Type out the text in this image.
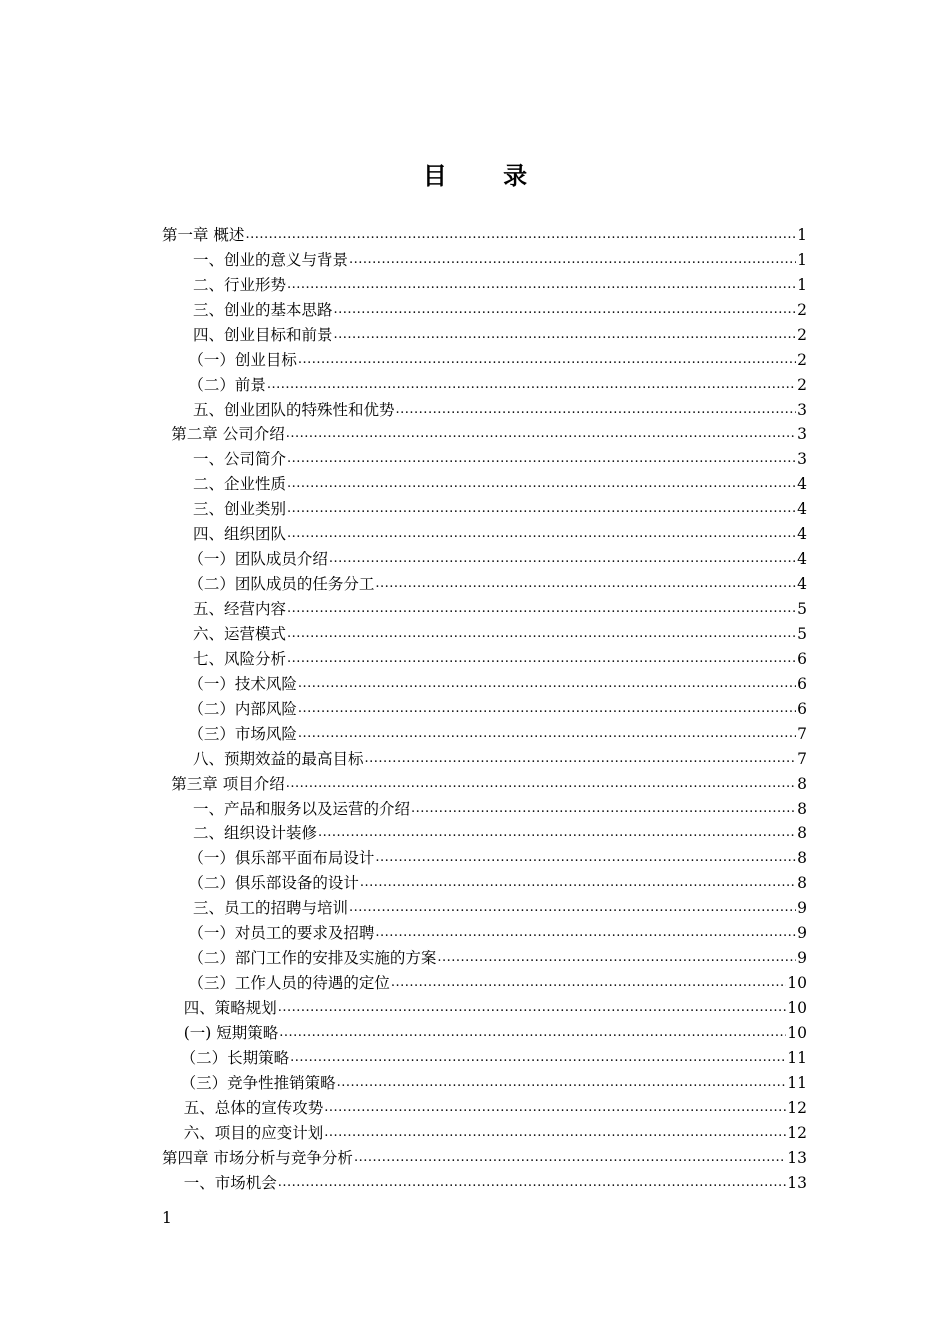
目 录
第一章 概述 .....	1
一、创业的意义与背景 .....	1
二、行业形势 .....	1
三、创业的基本思路 .....	2
四、创业目标和前景 .....	2
（一）创业目标 .....	2
（二）前景 .....	2
五、创业团队的特殊性和优势 .....	3
第二章 公司介绍 .....	3
一、公司简介 .....	3
二、企业性质 .....	4
三、创业类别 .....	4
四、组织团队 .....	4
（一）团队成员介绍 .....	4
（二）团队成员的任务分工 .....	4
五、经营内容 .....	5
六、运营模式 .....	5
七、风险分析 .....	6
（一）技术风险 .....	6
（二）内部风险 .....	6
（三）市场风险 .....	7
八、预期效益的最高目标 .....	7
第三章 项目介绍 .....	8
一、产品和服务以及运营的介绍 .....	8
二、组织设计装修 .....	8
（一）俱乐部平面布局设计 .....	8
（二）俱乐部设备的设计 .....	8
三、员工的招聘与培训 .....	9
（一）对员工的要求及招聘 .....	9
（二）部门工作的安排及实施的方案 .....	9
（三）工作人员的待遇的定位 .....	10
四、策略规划 .....	10
(一) 短期策略 .....	10
（二）长期策略 .....	11
（三）竞争性推销策略 .....	11
五、总体的宣传攻势 .....	12
六、项目的应变计划 .....	12
第四章 市场分析与竞争分析 .....	13
一、市场机会 .....	13
1
